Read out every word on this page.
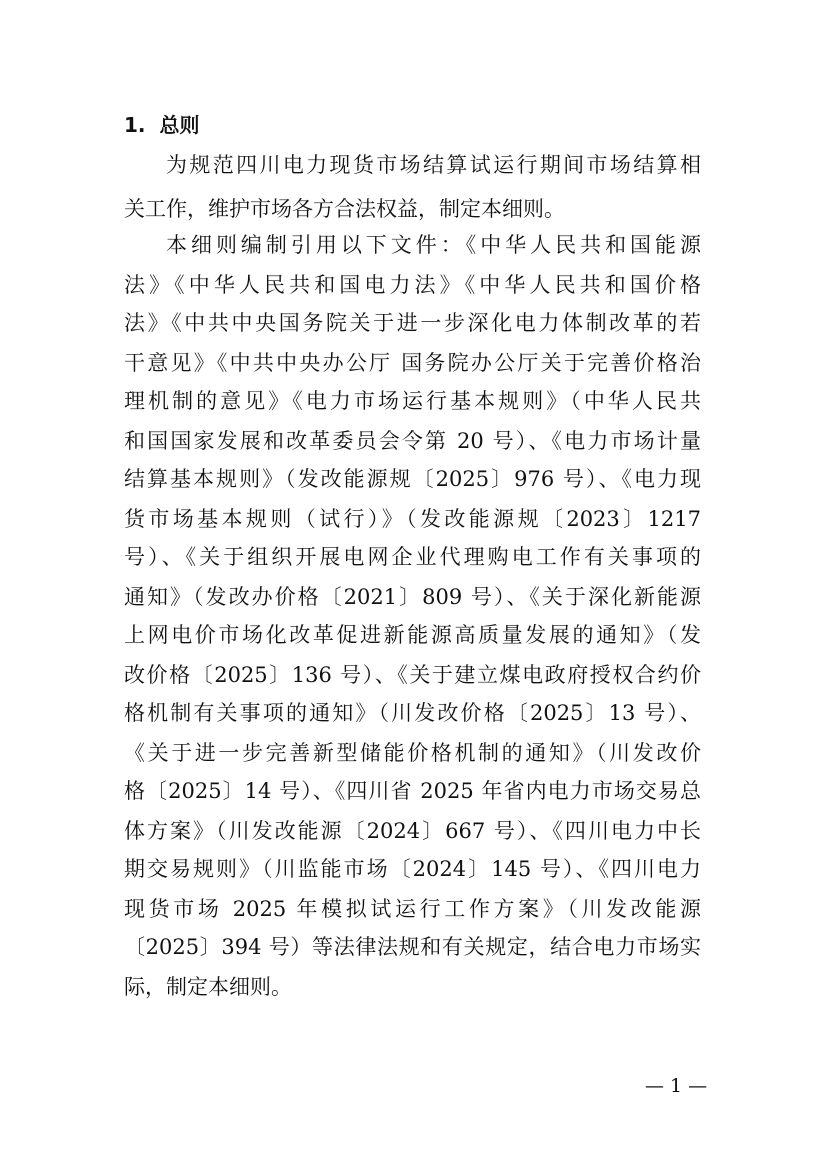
1. 总则
为规范四川电力现货市场结算试运行期间市场结算相
关工作，维护市场各方合法权益，制定本细则。
本细则编制引用以下文件：《中华人民共和国能源
法》《中华人民共和国电力法》《中华人民共和国价格
法》《中共中央国务院关于进一步深化电力体制改革的若
干意见》《中共中央办公厅 国务院办公厅关于完善价格治
理机制的意见》《电力市场运行基本规则》（中华人民共
和国国家发展和改革委员会令第 20 号）、《电力市场计量
结算基本规则》（发改能源规〔2025〕976 号）、《电力现
货市场基本规则（试行）》（发改能源规〔2023〕1217
号）、《关于组织开展电网企业代理购电工作有关事项的
通知》（发改办价格〔2021〕809 号）、《关于深化新能源
上网电价市场化改革促进新能源高质量发展的通知》（发
改价格〔2025〕136 号）、《关于建立煤电政府授权合约价
格机制有关事项的通知》（川发改价格〔2025〕13 号）、
《关于进一步完善新型储能价格机制的通知》（川发改价
格〔2025〕14 号）、《四川省 2025 年省内电力市场交易总
体方案》（川发改能源〔2024〕667 号）、《四川电力中长
期交易规则》（川监能市场〔2024〕145 号）、《四川电力
现货市场 2025 年模拟试运行工作方案》（川发改能源
〔2025〕394 号）等法律法规和有关规定，结合电力市场实
际，制定本细则。
— 1 —
